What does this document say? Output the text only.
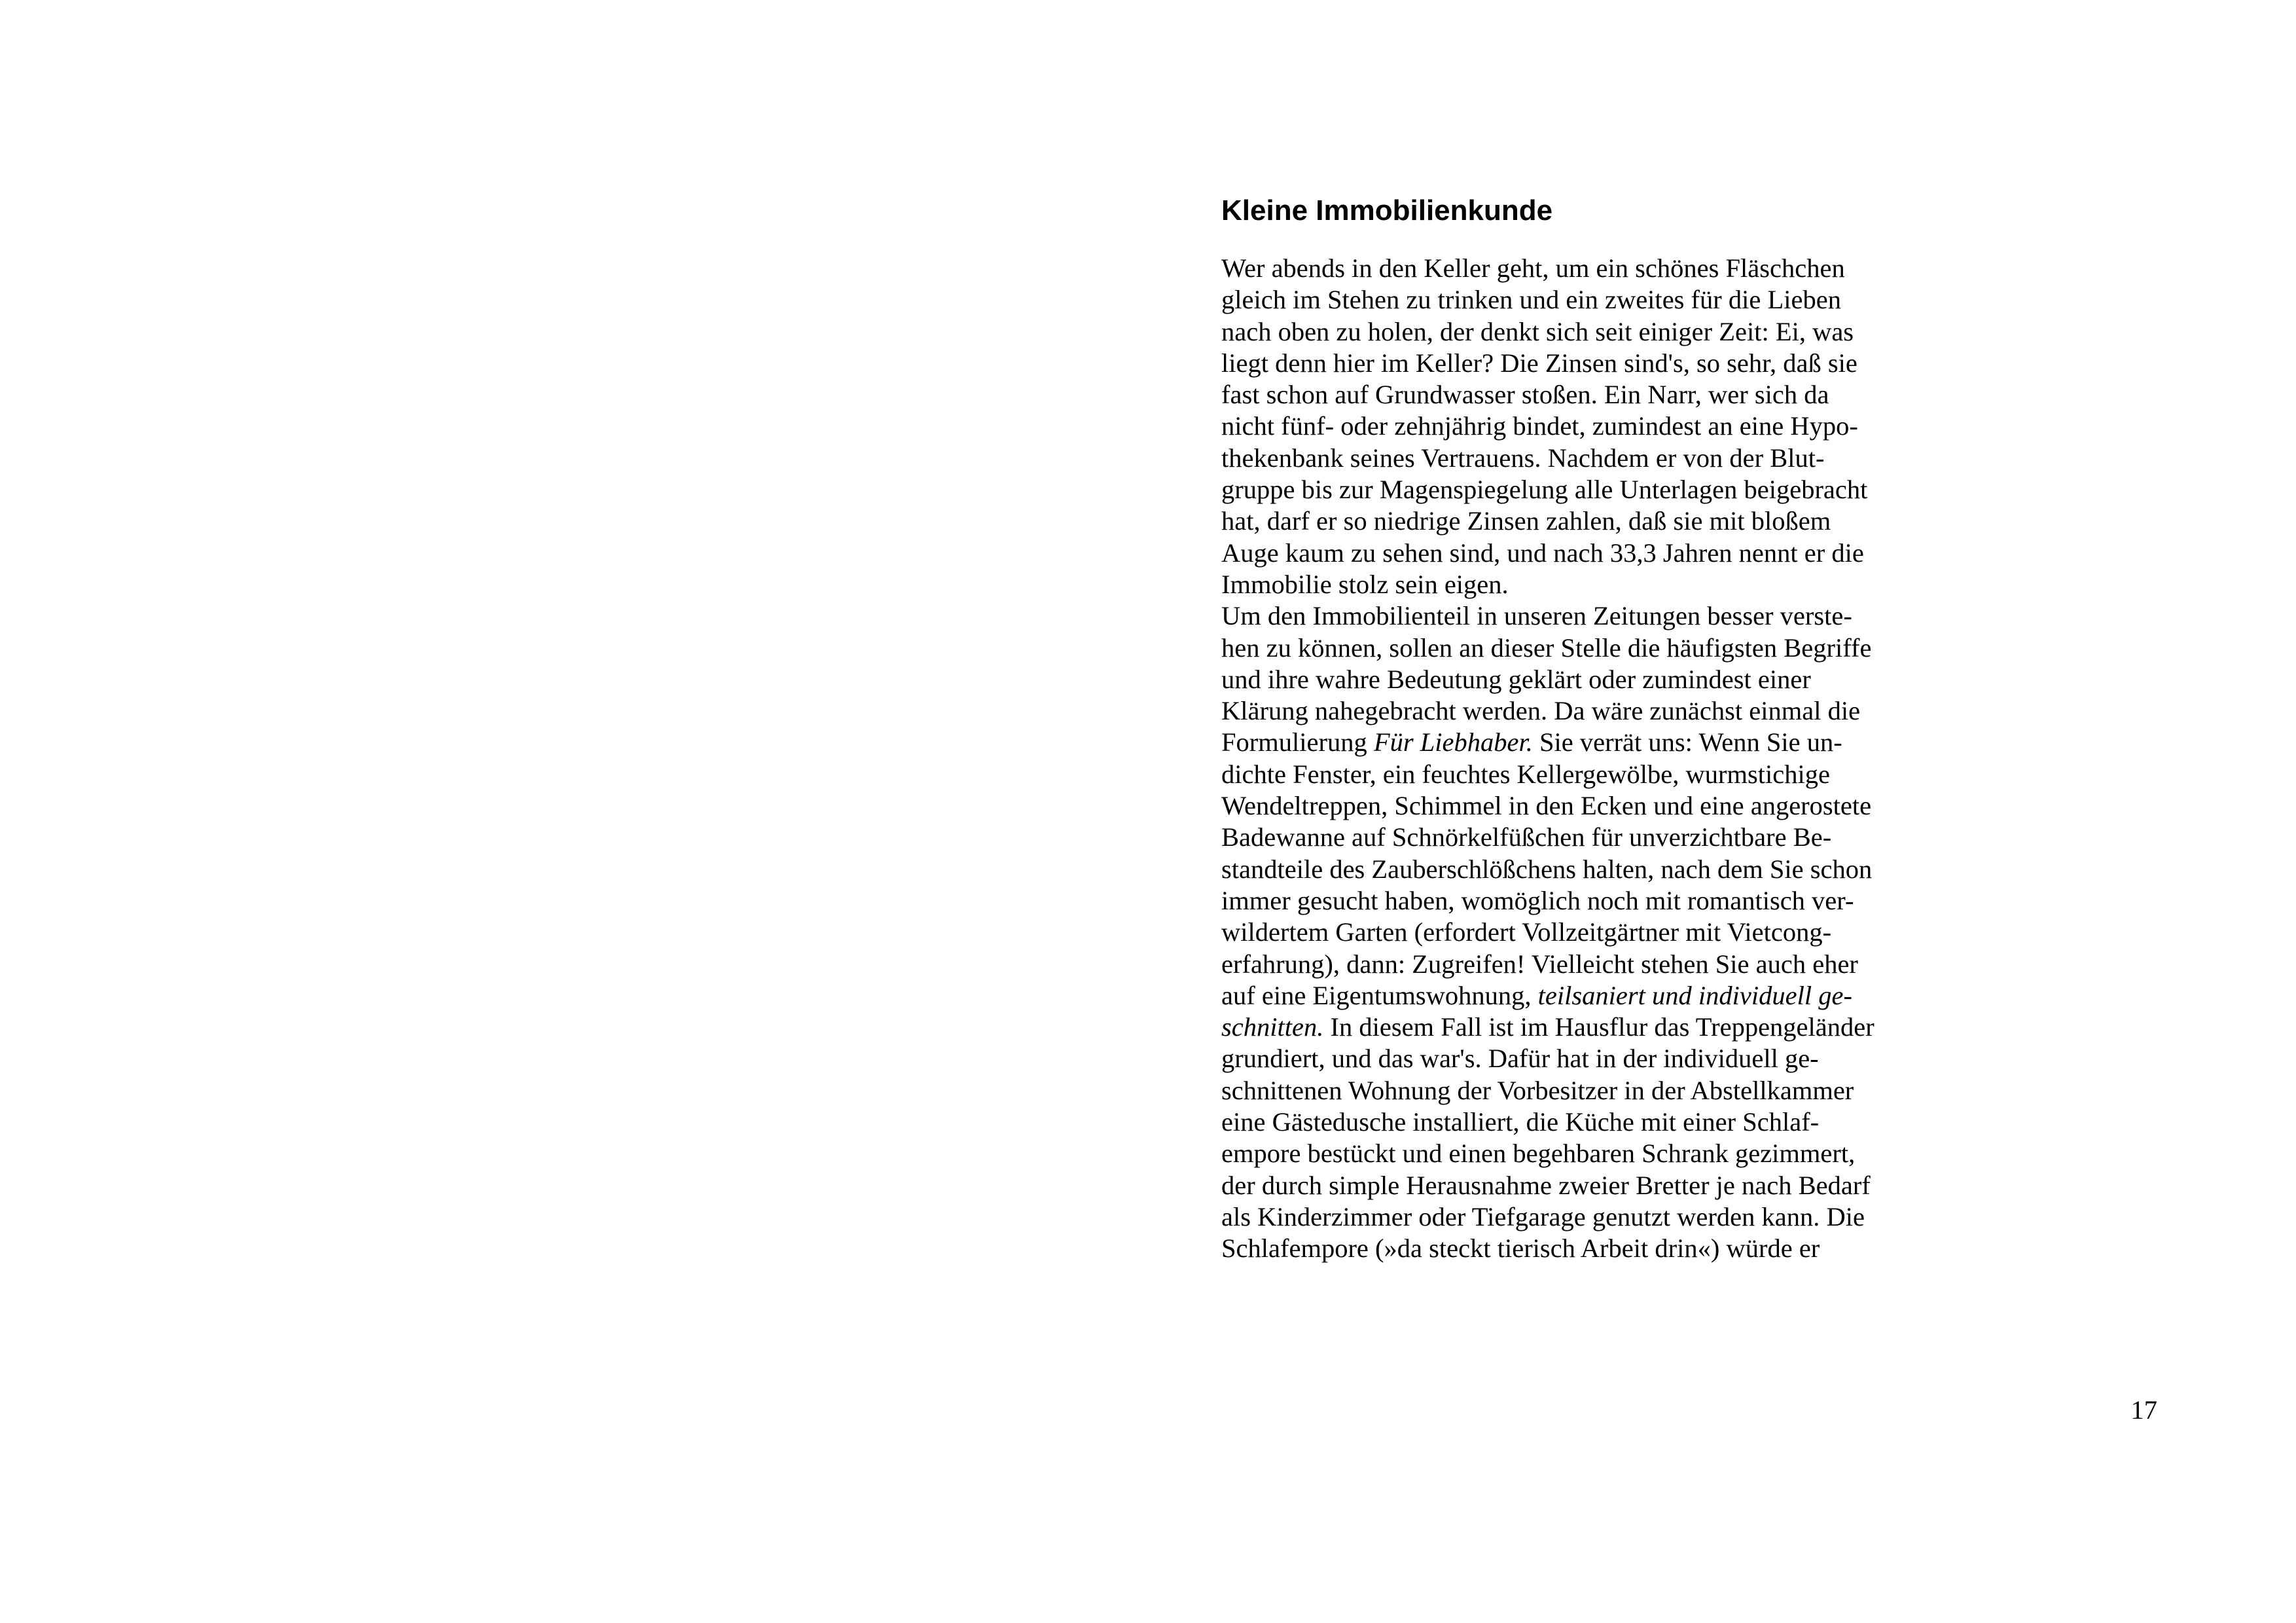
Kleine Immobilienkunde
Wer abends in den Keller geht, um ein schönes Fläschchen
gleich im Stehen zu trinken und ein zweites für die Lieben
nach oben zu holen, der denkt sich seit einiger Zeit: Ei, was
liegt denn hier im Keller? Die Zinsen sind's, so sehr, daß sie
fast schon auf Grundwasser stoßen. Ein Narr, wer sich da
nicht fünf- oder zehnjährig bindet, zumindest an eine Hypo-
thekenbank seines Vertrauens. Nachdem er von der Blut-
gruppe bis zur Magenspiegelung alle Unterlagen beigebracht
hat, darf er so niedrige Zinsen zahlen, daß sie mit bloßem
Auge kaum zu sehen sind, und nach 33,3 Jahren nennt er die
Immobilie stolz sein eigen.
Um den Immobilienteil in unseren Zeitungen besser verste-
hen zu können, sollen an dieser Stelle die häufigsten Begriffe
und ihre wahre Bedeutung geklärt oder zumindest einer
Klärung nahegebracht werden. Da wäre zunächst einmal die
Formulierung Für Liebhaber. Sie verrät uns: Wenn Sie un-
dichte Fenster, ein feuchtes Kellergewölbe, wurmstichige
Wendeltreppen, Schimmel in den Ecken und eine angerostete
Badewanne auf Schnörkelfüßchen für unverzichtbare Be-
standteile des Zauberschlößchens halten, nach dem Sie schon
immer gesucht haben, womöglich noch mit romantisch ver-
wildertem Garten (erfordert Vollzeitgärtner mit Vietcong-
erfahrung), dann: Zugreifen! Vielleicht stehen Sie auch eher
auf eine Eigentumswohnung, teilsaniert und individuell ge-
schnitten. In diesem Fall ist im Hausflur das Treppengeländer
grundiert, und das war's. Dafür hat in der individuell ge-
schnittenen Wohnung der Vorbesitzer in der Abstellkammer
eine Gästedusche installiert, die Küche mit einer Schlaf-
empore bestückt und einen begehbaren Schrank gezimmert,
der durch simple Herausnahme zweier Bretter je nach Bedarf
als Kinderzimmer oder Tiefgarage genutzt werden kann. Die
Schlafempore (»da steckt tierisch Arbeit drin«) würde er
17
